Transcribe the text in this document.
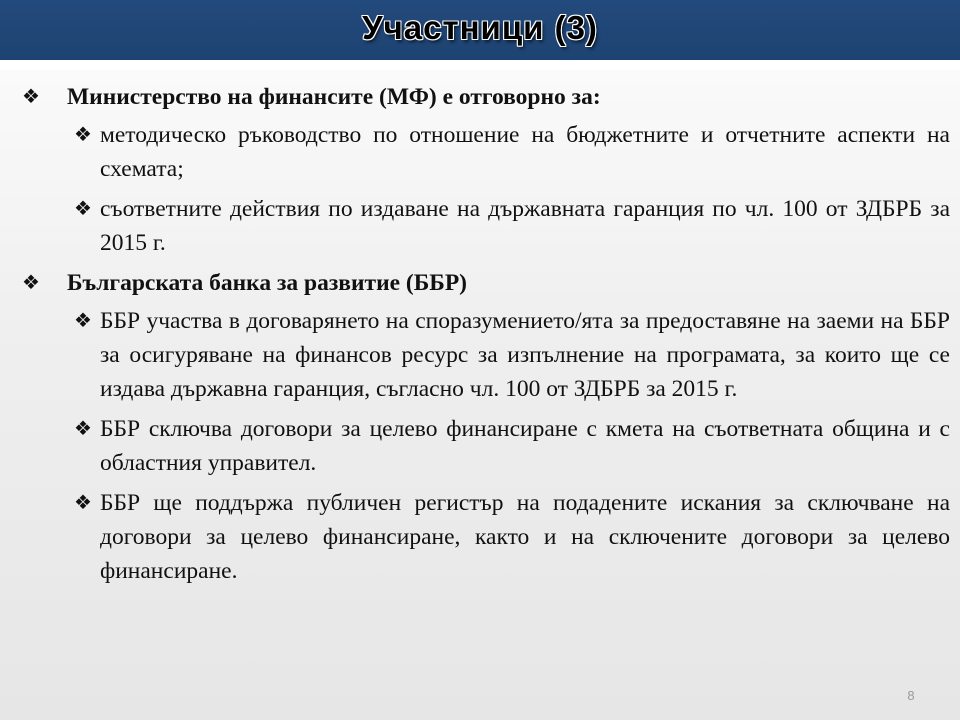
Участници (3)
❖	Министерство на финансите (МФ) е отговорно за:
❖ методическо ръководство по отношение на бюджетните и отчетните аспекти на схемата;
❖ съответните действия по издаване на държавната гаранция по чл. 100 от ЗДБРБ за 2015 г.
❖	Българската банка за развитие (ББР)
❖ ББР участва в договарянето на споразумението/ята за предоставяне на заеми на ББР за осигуряване на финансов ресурс за изпълнение на програмата, за които ще се издава държавна гаранция, съгласно чл. 100 от ЗДБРБ за 2015 г.
❖ ББР сключва договори за целево финансиране с кмета на съответната община и с областния управител.
❖ ББР ще поддържа публичен регистър на подадените искания за сключване на договори за целево финансиране, както и на сключените договори за целево финансиране.
8
